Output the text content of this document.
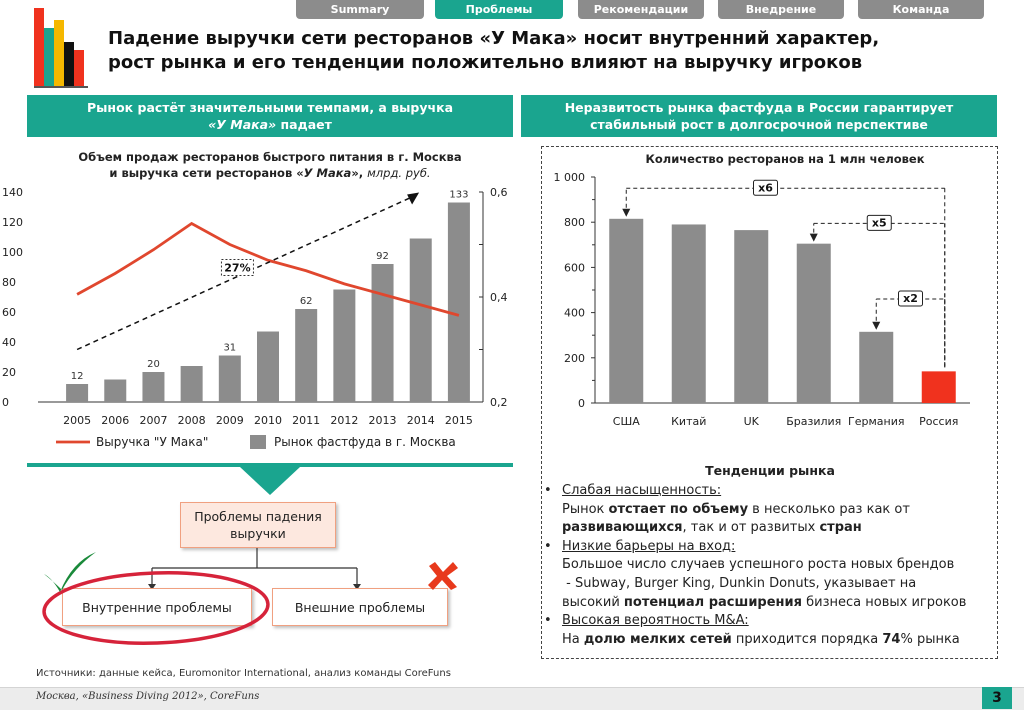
Summary	Проблемы	Рекомендации	Внедрение	Команда
Падение выручки сети ресторанов «У Мака» носит внутренний характер,
рост рынка и его тенденции положительно влияют на выручку игроков
Рынок растёт значительными темпами, а выручка
«У Мака» падает
Неразвитость рынка фастфуда в России гарантирует
стабильный рост в долгосрочной перспективе
Объем продаж ресторанов быстрого питания в г. Москва
и выручка сети ресторанов «У Мака», млрд. руб.
0
20
40
60
80
100
120
140
0,2
0,4
0,6
2005
12
2006 2007
20
2008 2009
31
2010 2011
62
2012 2013
92
2014 2015
133
27%
Выручка "У Мака"	Рынок фастфуда в г. Москва
Количество ресторанов на 1 млн человек
0
200
400
600
800
1 000
США	Китай	UK Бразилия Германия Россия
x6
x5
x2
Проблемы падения выручки
Внутренние проблемы	Внешние проблемы
Тенденции рынка
• Слабая насыщенность:
Рынок отстает по объему в несколько раз как от
развивающихся, так и от развитых стран
• Низкие барьеры на вход:
Большое число случаев успешного роста новых брендов
- Subway, Burger King, Dunkin Donuts, указывает на
высокий потенциал расширения бизнеса новых игроков
• Высокая вероятность M&A:
На долю мелких сетей приходится порядка 74% рынка
Источники: данные кейса, Euromonitor International, анализ команды CoreFuns
Москва, «Business Diving 2012», CoreFuns	3
